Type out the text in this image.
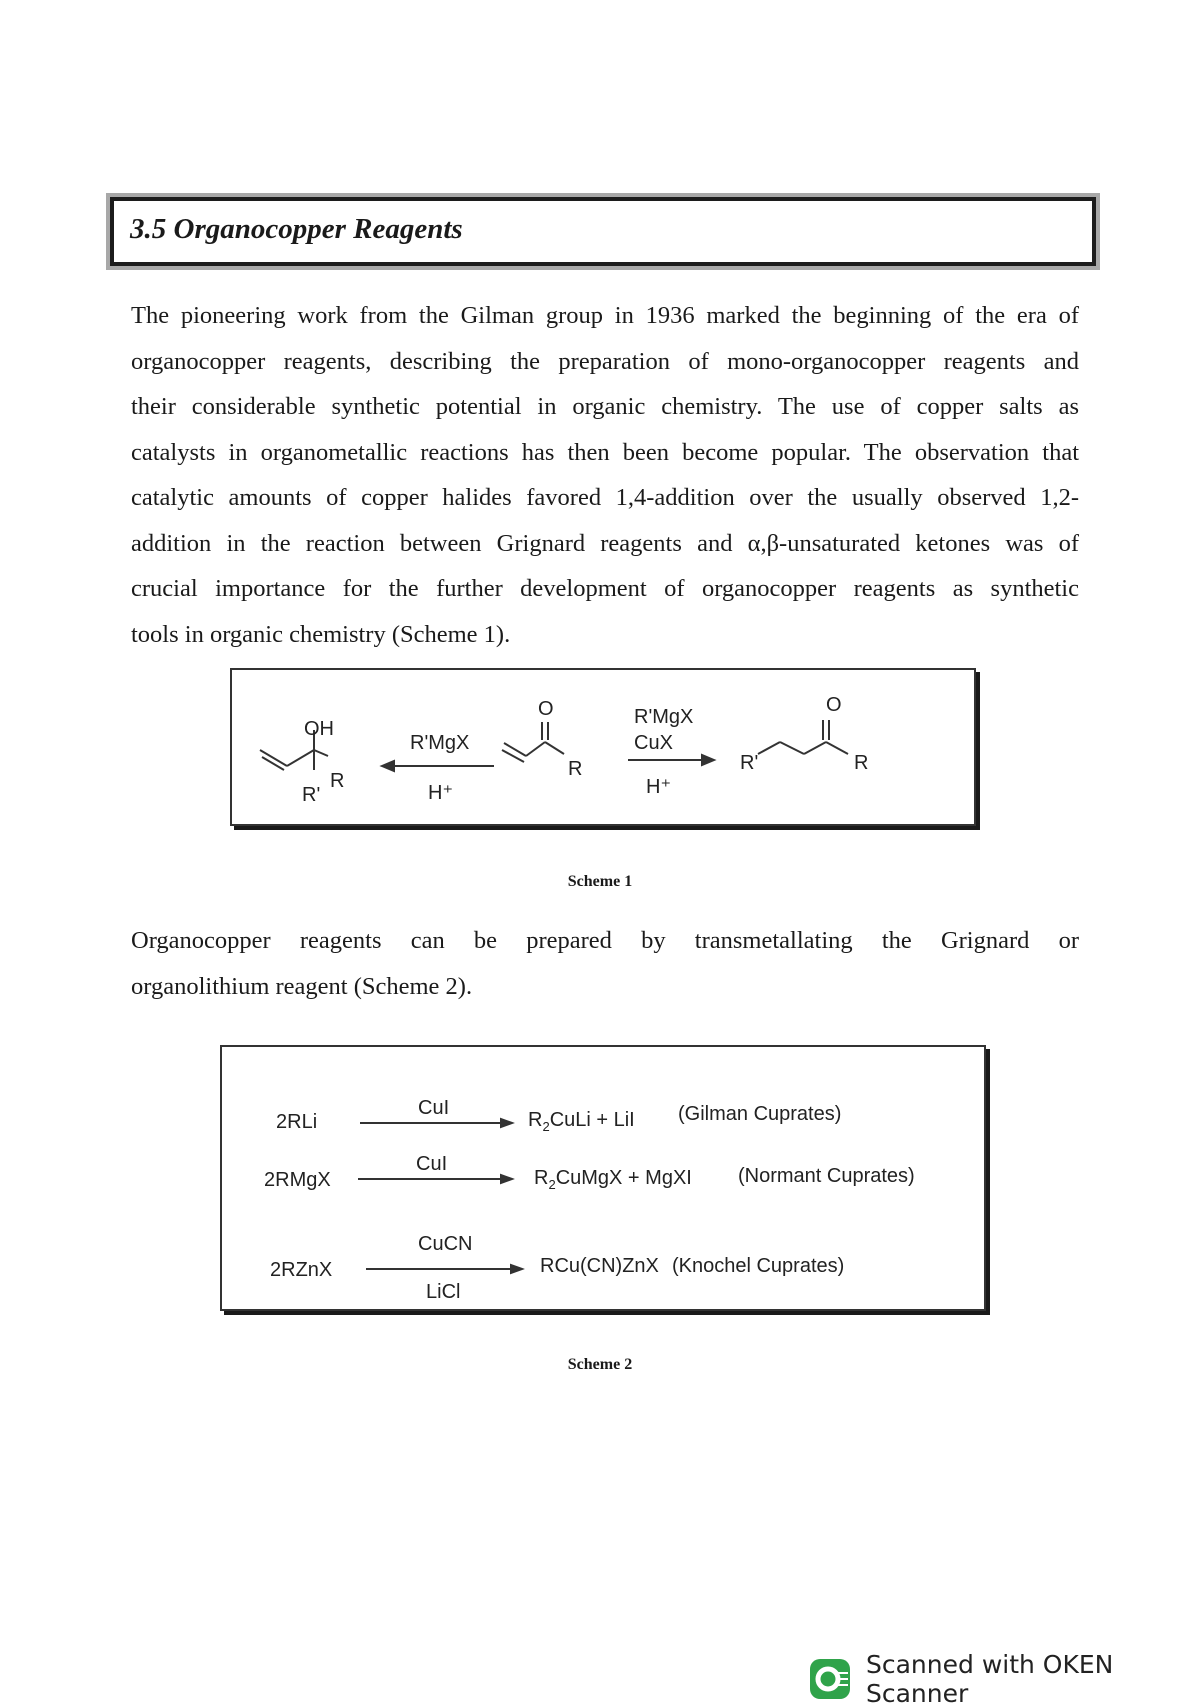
3.5 Organocopper Reagents
The pioneering work from the Gilman group in 1936 marked the beginning of the era of
organocopper reagents, describing the preparation of mono-organocopper reagents and
their considerable synthetic potential in organic chemistry. The use of copper salts as
catalysts in organometallic reactions has then been become popular. The observation that
catalytic amounts of copper halides favored 1,4-addition over the usually observed 1,2-
addition in the reaction between Grignard reagents and α,β-unsaturated ketones was of
crucial importance for the further development of organocopper reagents as synthetic
tools in organic chemistry (Scheme 1).
OH
R
R'
R'MgX
H⁺
O
R
R'MgX
CuX
H⁺
O
R'	R
Scheme 1
Organocopper reagents can be prepared by transmetallating the Grignard or
organolithium reagent (Scheme 2).
2RLi
CuI
$R_2CuLi$ + LiI (Gilman Cuprates)
2RMgX
CuI
$R_2CuMgX$ + MgXI (Normant Cuprates)
2RZnX
CuCN
LiCl
RCu(CN)ZnX (Knochel Cuprates)
Scheme 2
Scanned with OKEN Scanner
